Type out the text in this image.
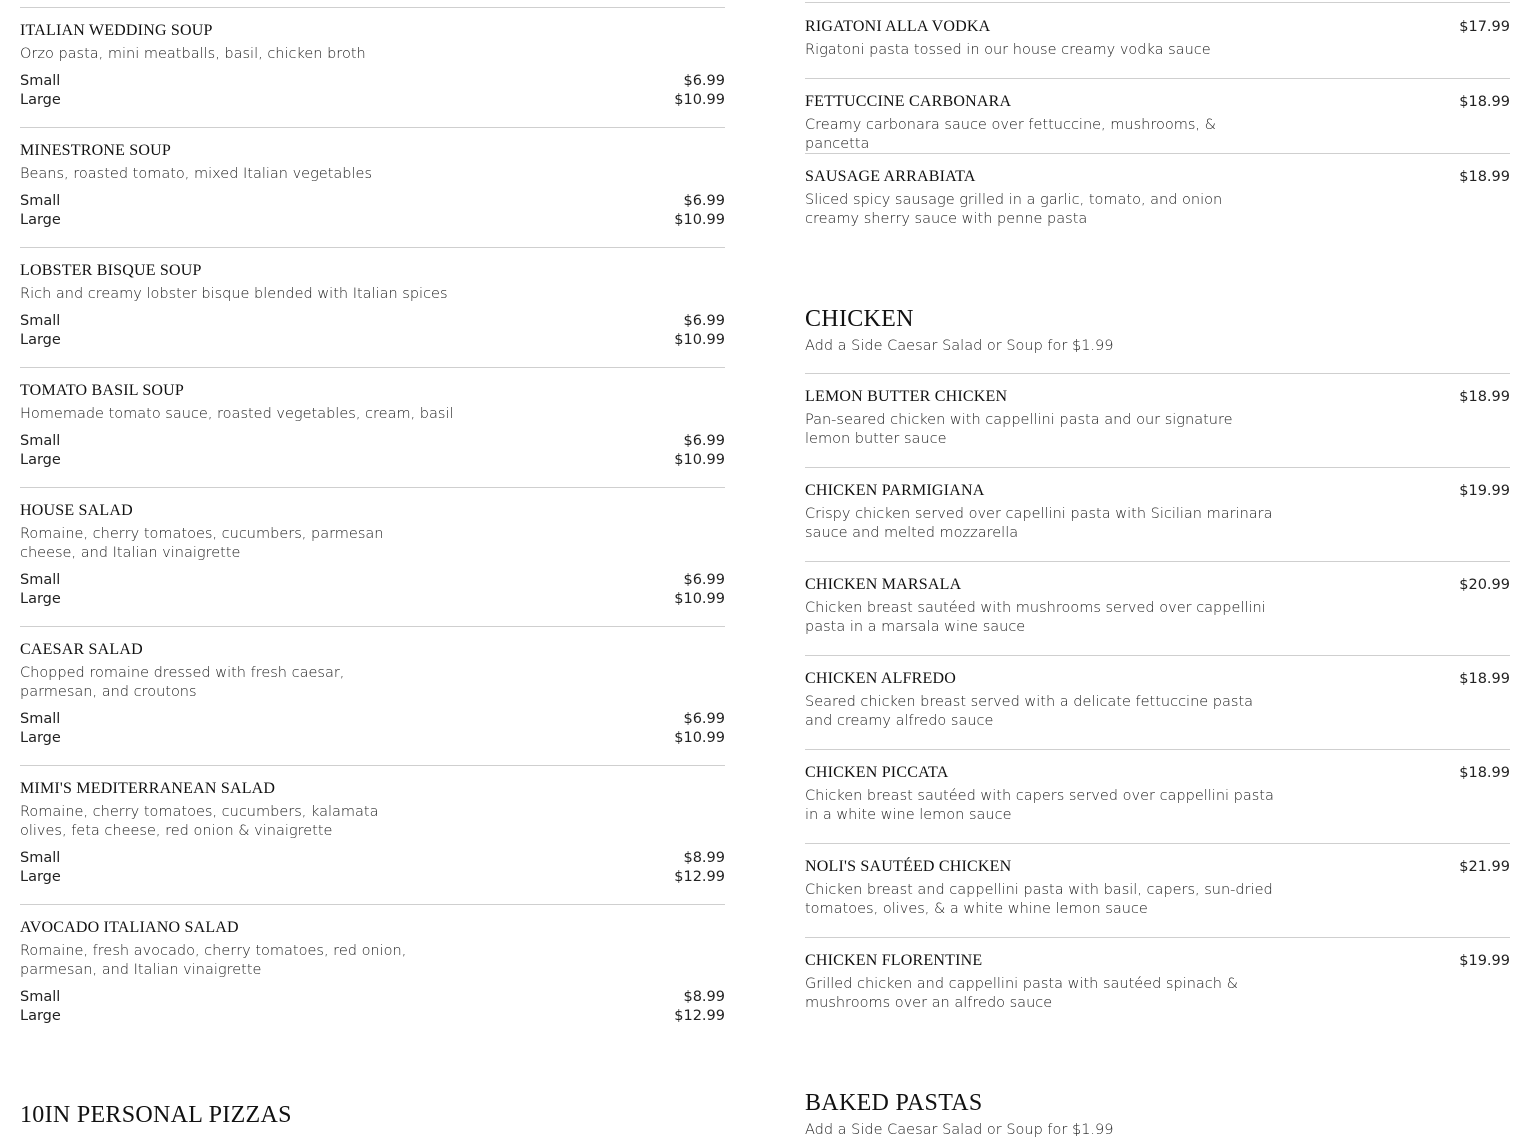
ITALIAN WEDDING SOUP
Orzo pasta, mini meatballs, basil, chicken broth
Small	$6.99
Large	$10.99
MINESTRONE SOUP
Beans, roasted tomato, mixed Italian vegetables
Small	$6.99
Large	$10.99
LOBSTER BISQUE SOUP
Rich and creamy lobster bisque blended with Italian spices
Small	$6.99
Large	$10.99
TOMATO BASIL SOUP
Homemade tomato sauce, roasted vegetables, cream, basil
Small	$6.99
Large	$10.99
HOUSE SALAD
Romaine, cherry tomatoes, cucumbers, parmesan cheese, and Italian vinaigrette
Small	$6.99
Large	$10.99
CAESAR SALAD
Chopped romaine dressed with fresh caesar, parmesan, and croutons
Small	$6.99
Large	$10.99
MIMI'S MEDITERRANEAN SALAD
Romaine, cherry tomatoes, cucumbers, kalamata olives, feta cheese, red onion & vinaigrette
Small	$8.99
Large	$12.99
AVOCADO ITALIANO SALAD
Romaine, fresh avocado, cherry tomatoes, red onion, parmesan, and Italian vinaigrette
Small	$8.99
Large	$12.99
10IN PERSONAL PIZZAS
RIGATONI ALLA VODKA	$17.99
Rigatoni pasta tossed in our house creamy vodka sauce
FETTUCCINE CARBONARA	$18.99
Creamy carbonara sauce over fettuccine, mushrooms, & pancetta
SAUSAGE ARRABIATA	$18.99
Sliced spicy sausage grilled in a garlic, tomato, and onion creamy sherry sauce with penne pasta
CHICKEN
Add a Side Caesar Salad or Soup for $1.99
LEMON BUTTER CHICKEN	$18.99
Pan-seared chicken with cappellini pasta and our signature lemon butter sauce
CHICKEN PARMIGIANA	$19.99
Crispy chicken served over capellini pasta with Sicilian marinara sauce and melted mozzarella
CHICKEN MARSALA	$20.99
Chicken breast sautéed with mushrooms served over cappellini pasta in a marsala wine sauce
CHICKEN ALFREDO	$18.99
Seared chicken breast served with a delicate fettuccine pasta and creamy alfredo sauce
CHICKEN PICCATA	$18.99
Chicken breast sautéed with capers served over cappellini pasta in a white wine lemon sauce
NOLI'S SAUTÉED CHICKEN	$21.99
Chicken breast and cappellini pasta with basil, capers, sun-dried tomatoes, olives, & a white whine lemon sauce
CHICKEN FLORENTINE	$19.99
Grilled chicken and cappellini pasta with sautéed spinach & mushrooms over an alfredo sauce
BAKED PASTAS
Add a Side Caesar Salad or Soup for $1.99
